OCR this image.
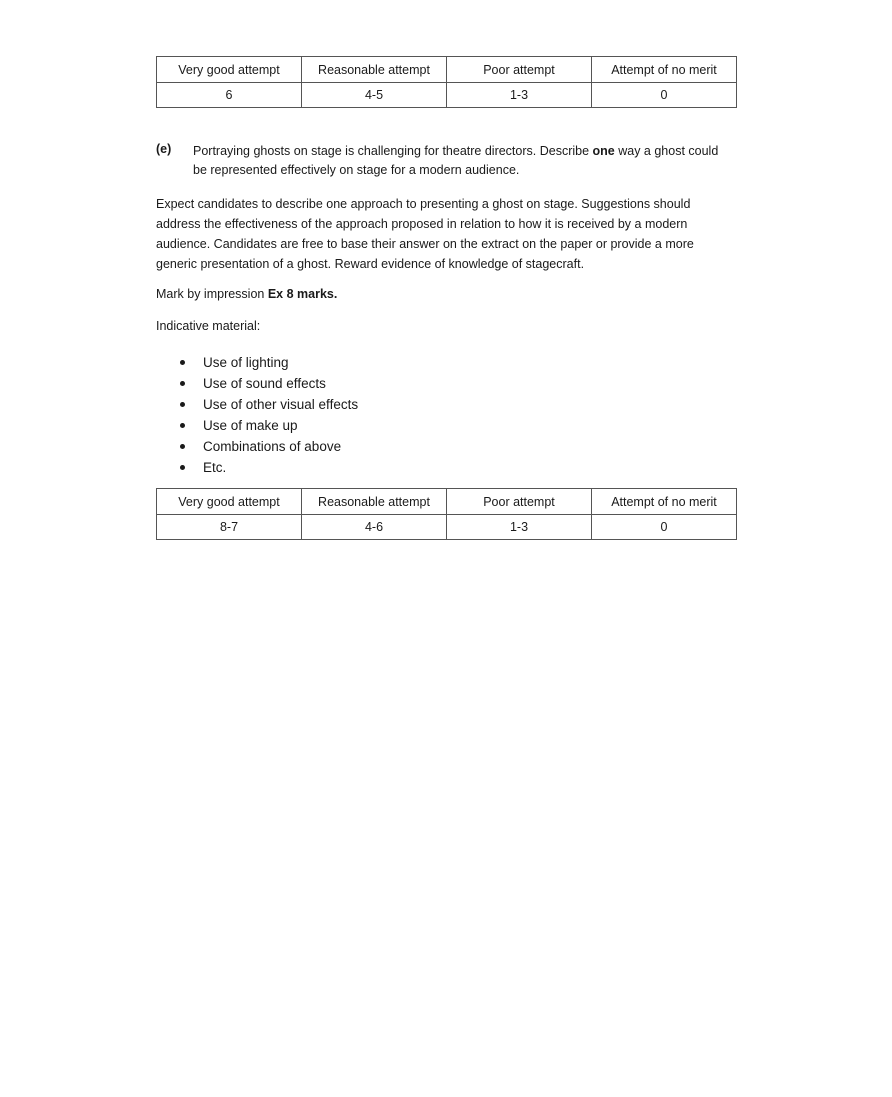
Very good attempt	Reasonable attempt	Poor attempt	Attempt of no merit
6	4-5	1-3	0
(e) Portraying ghosts on stage is challenging for theatre directors. Describe one way a ghost could be represented effectively on stage for a modern audience.
Expect candidates to describe one approach to presenting a ghost on stage. Suggestions should address the effectiveness of the approach proposed in relation to how it is received by a modern audience. Candidates are free to base their answer on the extract on the paper or provide a more generic presentation of a ghost. Reward evidence of knowledge of stagecraft.
Mark by impression Ex 8 marks.
Indicative material:
Use of lighting
Use of sound effects
Use of other visual effects
Use of make up
Combinations of above
Etc.
Very good attempt	Reasonable attempt	Poor attempt	Attempt of no merit
8-7	4-6	1-3	0
